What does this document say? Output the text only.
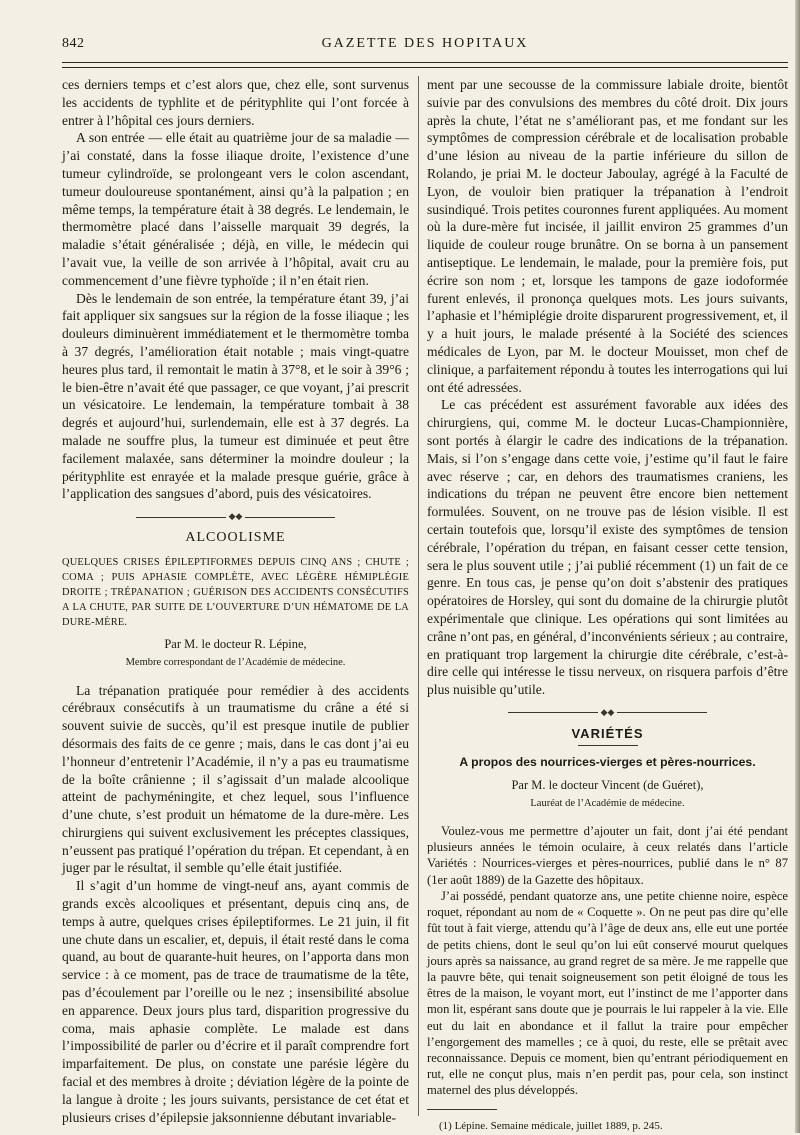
GAZETTE DES HOPITAUX
842

ces derniers temps et c’est alors que, chez elle, sont survenus les accidents de typhlite et de pérityphlite qui l’ont forcée à entrer à l’hôpital ces jours derniers.

A son entrée — elle était au quatrième jour de sa maladie — j’ai constaté, dans la fosse iliaque droite, l’existence d’une tumeur cylindroïde, se prolongeant vers le colon ascendant, tumeur douloureuse spontanément, ainsi qu’à la palpation ; en même temps, la température était à 38 degrés. Le lendemain, le thermomètre placé dans l’aisselle marquait 39 degrés, la maladie s’était généralisée ; déjà, en ville, le médecin qui l’avait vue, la veille de son arrivée à l’hôpital, avait cru au commencement d’une fièvre typhoïde ; il n’en était rien.

Dès le lendemain de son entrée, la température étant 39, j’ai fait appliquer six sangsues sur la région de la fosse iliaque ; les douleurs diminuèrent immédiatement et le thermomètre tomba à 37 degrés, l’amélioration était notable ; mais vingt-quatre heures plus tard, il remontait le matin à 37°8, et le soir à 39°6 ; le bien-être n’avait été que passager, ce que voyant, j’ai prescrit un vésicatoire. Le lendemain, la température tombait à 38 degrés et aujourd’hui, surlendemain, elle est à 37 degrés. La malade ne souffre plus, la tumeur est diminuée et peut être facilement malaxée, sans déterminer la moindre douleur ; la pérityphlite est enrayée et la malade presque guérie, grâce à l’application des sangsues d’abord, puis des vésicatoires.

◆◆
ALCOOLISME

QUELQUES CRISES ÉPILEPTIFORMES DEPUIS CINQ ANS ; CHUTE ; COMA ; PUIS APHASIE COMPLÈTE, AVEC LÉGÈRE HÉMIPLÉGIE DROITE ; TRÉPANATION ; GUÉRISON DES ACCIDENTS CONSÉCUTIFS A LA CHUTE, PAR SUITE DE L’OUVERTURE D’UN HÉMATOME DE LA DURE-MÈRE.

Par M. le docteur R. Lépine,

Membre correspondant de l’Académie de médecine.

La trépanation pratiquée pour remédier à des accidents cérébraux consécutifs à un traumatisme du crâne a été si souvent suivie de succès, qu’il est presque inutile de publier désormais des faits de ce genre ; mais, dans le cas dont j’ai eu l’honneur d’entretenir l’Académie, il n’y a pas eu traumatisme de la boîte crânienne ; il s’agissait d’un malade alcoolique atteint de pachyméningite, et chez lequel, sous l’influence d’une chute, s’est produit un hématome de la dure-mère. Les chirurgiens qui suivent exclusivement les préceptes classiques, n’eussent pas pratiqué l’opération du trépan. Et cependant, à en juger par le résultat, il semble qu’elle était justifiée.

Il s’agit d’un homme de vingt-neuf ans, ayant commis de grands excès alcooliques et présentant, depuis cinq ans, de temps à autre, quelques crises épileptiformes. Le 21 juin, il fit une chute dans un escalier, et, depuis, il était resté dans le coma quand, au bout de quarante-huit heures, on l’apporta dans mon service : à ce moment, pas de trace de traumatisme de la tête, pas d’écoulement par l’oreille ou le nez ; insensibilité absolue en apparence. Deux jours plus tard, disparition progressive du coma, mais aphasie complète. Le malade est dans l’impossibilité de parler ou d’écrire et il paraît comprendre fort imparfaitement. De plus, on constate une parésie légère du facial et des membres à droite ; déviation légère de la pointe de la langue à droite ; les jours suivants, persistance de cet état et plusieurs crises d’épilepsie jaksonnienne débutant invariable-

ment par une secousse de la commissure labiale droite, bientôt suivie par des convulsions des membres du côté droit. Dix jours après la chute, l’état ne s’améliorant pas, et me fondant sur les symptômes de compression cérébrale et de localisation probable d’une lésion au niveau de la partie inférieure du sillon de Rolando, je priai M. le docteur Jaboulay, agrégé à la Faculté de Lyon, de vouloir bien pratiquer la trépanation à l’endroit susindiqué. Trois petites couronnes furent appliquées. Au moment où la dure-mère fut incisée, il jaillit environ 25 grammes d’un liquide de couleur rouge brunâtre. On se borna à un pansement antiseptique. Le lendemain, le malade, pour la première fois, put écrire son nom ; et, lorsque les tampons de gaze iodoformée furent enlevés, il prononça quelques mots. Les jours suivants, l’aphasie et l’hémiplégie droite disparurent progressivement, et, il y a huit jours, le malade présenté à la Société des sciences médicales de Lyon, par M. le docteur Mouisset, mon chef de clinique, a parfaitement répondu à toutes les interrogations qui lui ont été adressées.

Le cas précédent est assurément favorable aux idées des chirurgiens, qui, comme M. le docteur Lucas-Championnière, sont portés à élargir le cadre des indications de la trépanation. Mais, si l’on s’engage dans cette voie, j’estime qu’il faut le faire avec réserve ; car, en dehors des traumatismes craniens, les indications du trépan ne peuvent être encore bien nettement formulées. Souvent, on ne trouve pas de lésion visible. Il est certain toutefois que, lorsqu’il existe des symptômes de tension cérébrale, l’opération du trépan, en faisant cesser cette tension, sera le plus souvent utile ; j’ai publié récemment (1) un fait de ce genre. En tous cas, je pense qu’on doit s’abstenir des pratiques opératoires de Horsley, qui sont du domaine de la chirurgie plutôt expérimentale que clinique. Les opérations qui sont limitées au crâne n’ont pas, en général, d’inconvénients sérieux ; au contraire, en pratiquant trop largement la chirurgie dite cérébrale, c’est-à-dire celle qui intéresse le tissu nerveux, on risquera parfois d’être plus nuisible qu’utile.

◆◆
VARIÉTÉS
A propos des nourrices-vierges et pères-nourrices.

Par M. le docteur Vincent (de Guéret),

Lauréat de l’Académie de médecine.

Voulez-vous me permettre d’ajouter un fait, dont j’ai été pendant plusieurs années le témoin oculaire, à ceux relatés dans l’article Variétés : Nourrices-vierges et pères-nourrices, publié dans le n° 87 (1er août 1889) de la Gazette des hôpitaux.

J’ai possédé, pendant quatorze ans, une petite chienne noire, espèce roquet, répondant au nom de « Coquette ». On ne peut pas dire qu’elle fût tout à fait vierge, attendu qu’à l’âge de deux ans, elle eut une portée de petits chiens, dont le seul qu’on lui eût conservé mourut quelques jours après sa naissance, au grand regret de sa mère. Je me rappelle que la pauvre bête, qui tenait soigneusement son petit éloigné de tous les êtres de la maison, le voyant mort, eut l’instinct de me l’apporter dans mon lit, espérant sans doute que je pourrais le lui rappeler à la vie. Elle eut du lait en abondance et il fallut la traire pour empêcher l’engorgement des mamelles ; ce à quoi, du reste, elle se prêtait avec reconnaissance. Depuis ce moment, bien qu’entrant périodiquement en rut, elle ne conçut plus, mais n’en perdit pas, pour cela, son instinct maternel des plus développés.

(1) Lépine. Semaine médicale, juillet 1889, p. 245.
